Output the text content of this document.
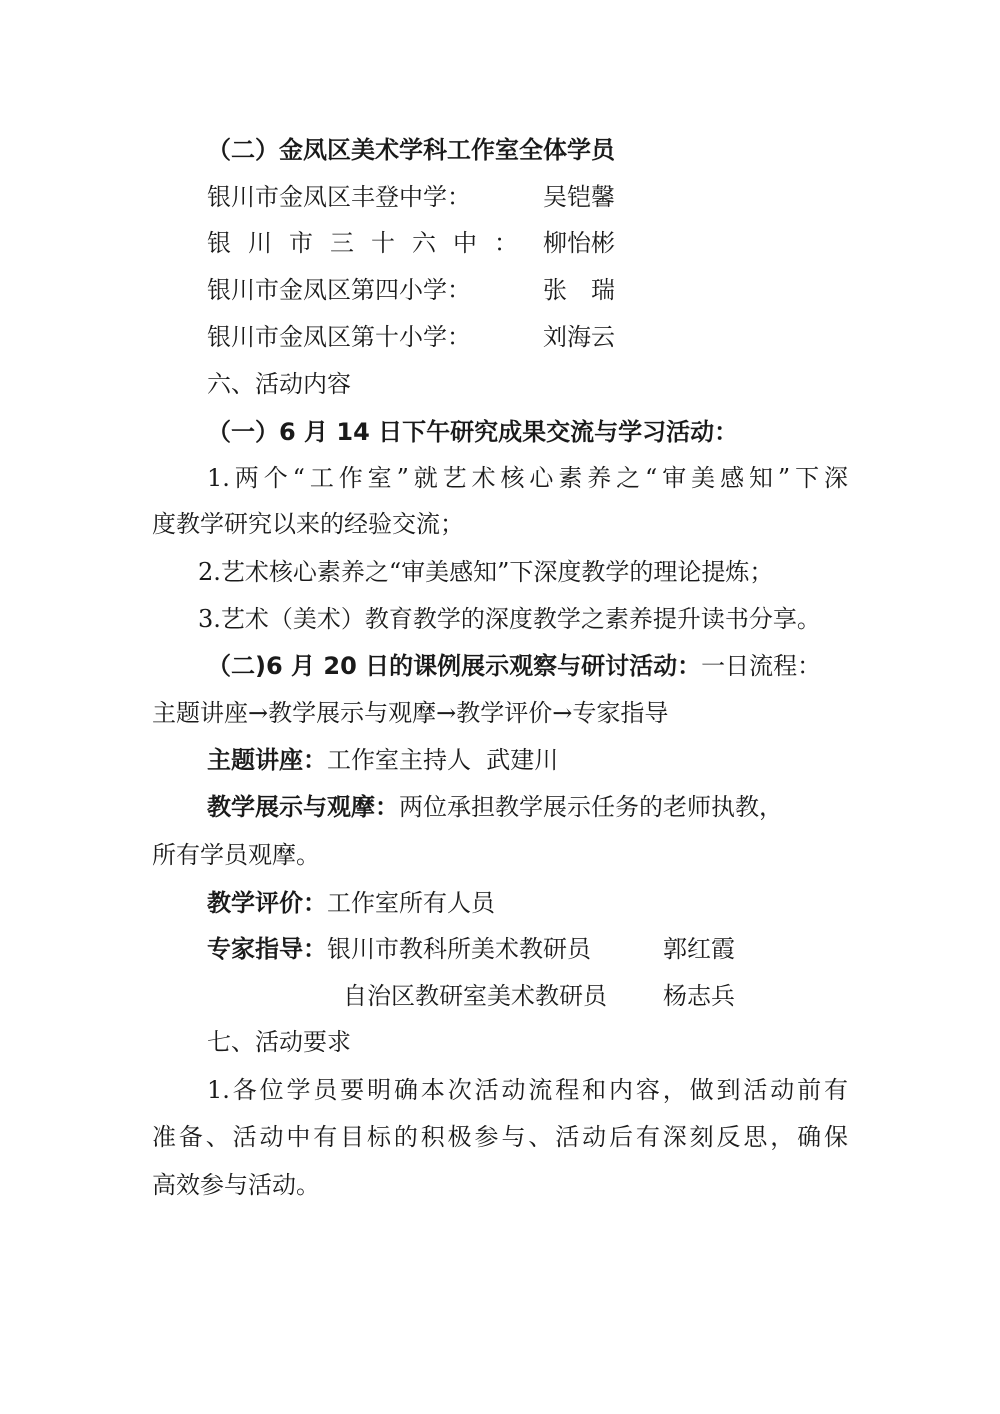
（二）金凤区美术学科工作室全体学员
银川市金凤区丰登中学：	吴铠馨
银川市三十六中： 柳怡彬
银川市金凤区第四小学：	张　瑞
银川市金凤区第十小学：	刘海云
六、活动内容
（一）6 月 14 日下午研究成果交流与学习活动：
1.两个“工作室”就艺术核心素养之“审美感知”下深
度教学研究以来的经验交流；
2.艺术核心素养之“审美感知”下深度教学的理论提炼；
3.艺术（美术）教育教学的深度教学之素养提升读书分享。
（二)6 月 20 日的课例展示观察与研讨活动：一日流程：
主题讲座→教学展示与观摩→教学评价→专家指导
主题讲座：工作室主持人  武建川
教学展示与观摩：两位承担教学展示任务的老师执教，
所有学员观摩。
教学评价：工作室所有人员
专家指导：银川市教科所美术教研员	郭红霞
自治区教研室美术教研员 杨志兵
七、活动要求
1.各位学员要明确本次活动流程和内容，做到活动前有
准备、活动中有目标的积极参与、活动后有深刻反思，确保
高效参与活动。
